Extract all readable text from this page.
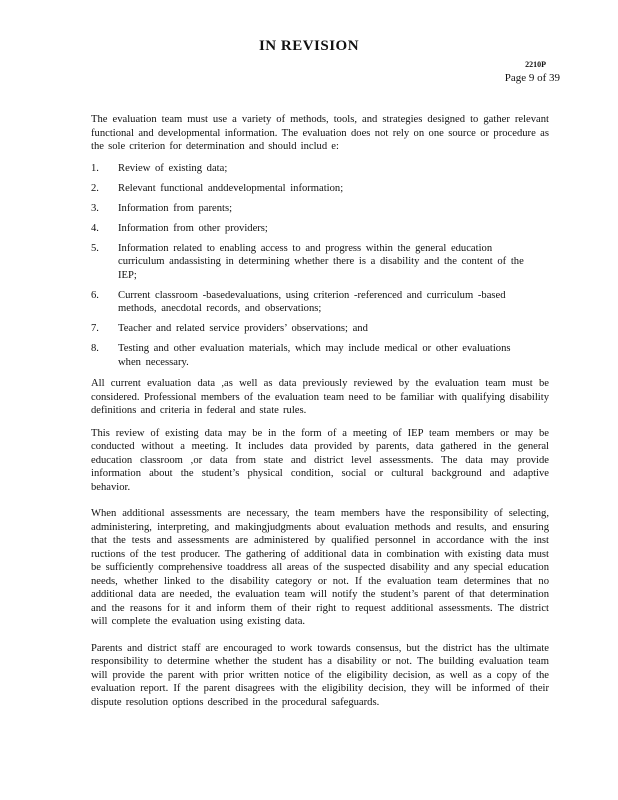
IN REVISION
2210P
Page 9 of 39

The evaluation team must use a variety of methods, tools, and strategies designed to gather relevant functional and developmental information. The evaluation does not rely on one source or procedure as the sole criterion for determination and should includ e:

1. Review of existing data;
2. Relevant functional anddevelopmental information;
3. Information from parents;
4. Information from other providers;
5. Information related to enabling access to and progress within the general education curriculum andassisting in determining whether there is a disability and the content of the IEP;
6. Current classroom -basedevaluations, using criterion -referenced and curriculum -based methods, anecdotal records, and observations;
7. Teacher and related service providers’ observations; and
8. Testing and other evaluation materials, which may include medical or other evaluations when necessary.

All current evaluation data ,as well as data previously reviewed by the evaluation team must be considered. Professional members of the evaluation team need to be familiar with qualifying disability definitions and criteria in federal and state rules.

This review of existing data may be in the form of a meeting of IEP team members or may be conducted without a meeting. It includes data provided by parents, data gathered in the general education classroom ,or data from state and district level assessments. The data may provide information about the student’s physical condition, social or cultural background and adaptive behavior.

When additional assessments are necessary, the team members have the responsibility of selecting, administering, interpreting, and makingjudgments about evaluation methods and results, and ensuring that the tests and assessments are administered by qualified personnel in accordance with the inst ructions of the test producer. The gathering of additional data in combination with existing data must be sufficiently comprehensive toaddress all areas of the suspected disability and any special education needs, whether linked to the disability category or not. If the evaluation team determines that no additional data are needed, the evaluation team will notify the student’s parent of that determination and the reasons for it and inform them of their right to request additional assessments. The district will complete the evaluation using existing data.

Parents and district staff are encouraged to work towards consensus, but the district has the ultimate responsibility to determine whether the student has a disability or not. The building evaluation team will provide the parent with prior written notice of the eligibility decision, as well as a copy of the evaluation report. If the parent disagrees with the eligibility decision, they will be informed of their dispute resolution options described in the procedural safeguards.
